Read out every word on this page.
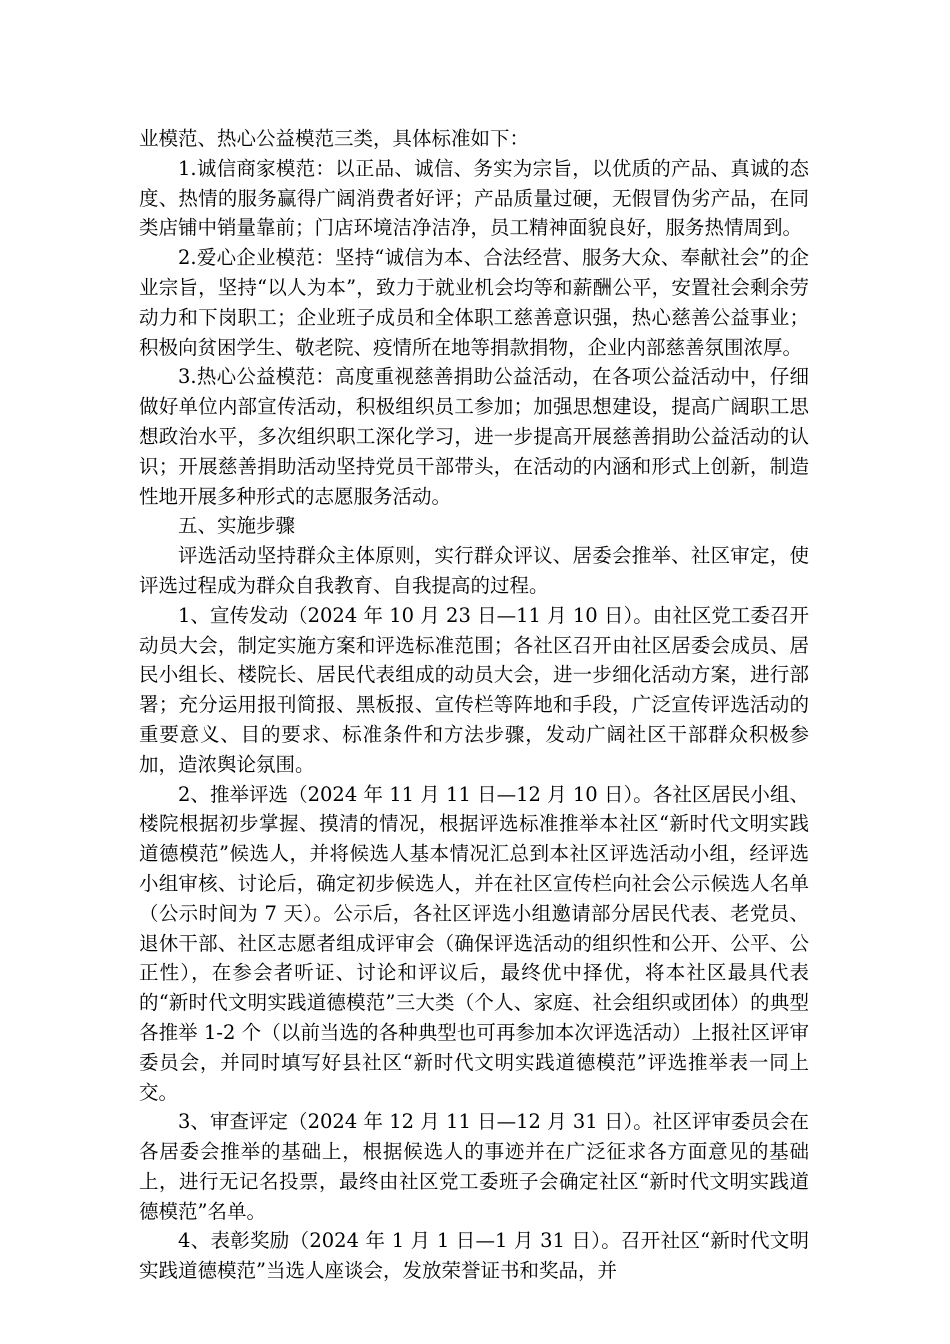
业模范、热心公益模范三类，具体标准如下：

1.诚信商家模范：以正品、诚信、务实为宗旨，以优质的产品、真诚的态度、热情的服务赢得广阔消费者好评；产品质量过硬，无假冒伪劣产品，在同类店铺中销量靠前；门店环境洁净洁净，员工精神面貌良好，服务热情周到。

2.爱心企业模范：坚持“诚信为本、合法经营、服务大众、奉献社会”的企业宗旨，坚持“以人为本”，致力于就业机会均等和薪酬公平，安置社会剩余劳动力和下岗职工；企业班子成员和全体职工慈善意识强，热心慈善公益事业；积极向贫困学生、敬老院、疫情所在地等捐款捐物，企业内部慈善氛围浓厚。

3.热心公益模范：高度重视慈善捐助公益活动，在各项公益活动中，仔细做好单位内部宣传活动，积极组织员工参加；加强思想建设，提高广阔职工思想政治水平，多次组织职工深化学习，进一步提高开展慈善捐助公益活动的认识；开展慈善捐助活动坚持党员干部带头，在活动的内涵和形式上创新，制造性地开展多种形式的志愿服务活动。

五、实施步骤

评选活动坚持群众主体原则，实行群众评议、居委会推举、社区审定，使评选过程成为群众自我教育、自我提高的过程。

1、宣传发动（2024 年 10 月 23 日—11 月 10 日）。由社区党工委召开动员大会，制定实施方案和评选标准范围；各社区召开由社区居委会成员、居民小组长、楼院长、居民代表组成的动员大会，进一步细化活动方案，进行部署；充分运用报刊简报、黑板报、宣传栏等阵地和手段，广泛宣传评选活动的重要意义、目的要求、标准条件和方法步骤，发动广阔社区干部群众积极参加，造浓舆论氛围。

2、推举评选（2024 年 11 月 11 日—12 月 10 日）。各社区居民小组、楼院根据初步掌握、摸清的情况，根据评选标准推举本社区“新时代文明实践道德模范”候选人，并将候选人基本情况汇总到本社区评选活动小组，经评选小组审核、讨论后，确定初步候选人，并在社区宣传栏向社会公示候选人名单（公示时间为 7 天）。公示后，各社区评选小组邀请部分居民代表、老党员、退休干部、社区志愿者组成评审会（确保评选活动的组织性和公开、公平、公正性），在参会者听证、讨论和评议后，最终优中择优，将本社区最具代表的“新时代文明实践道德模范”三大类（个人、家庭、社会组织或团体）的典型各推举 1-2 个（以前当选的各种典型也可再参加本次评选活动）上报社区评审委员会，并同时填写好县社区“新时代文明实践道德模范”评选推举表一同上交。

3、审查评定（2024 年 12 月 11 日—12 月 31 日）。社区评审委员会在各居委会推举的基础上，根据候选人的事迹并在广泛征求各方面意见的基础上，进行无记名投票，最终由社区党工委班子会确定社区“新时代文明实践道德模范”名单。

4、表彰奖励（2024 年 1 月 1 日—1 月 31 日）。召开社区“新时代文明实践道德模范”当选人座谈会，发放荣誉证书和奖品，并
